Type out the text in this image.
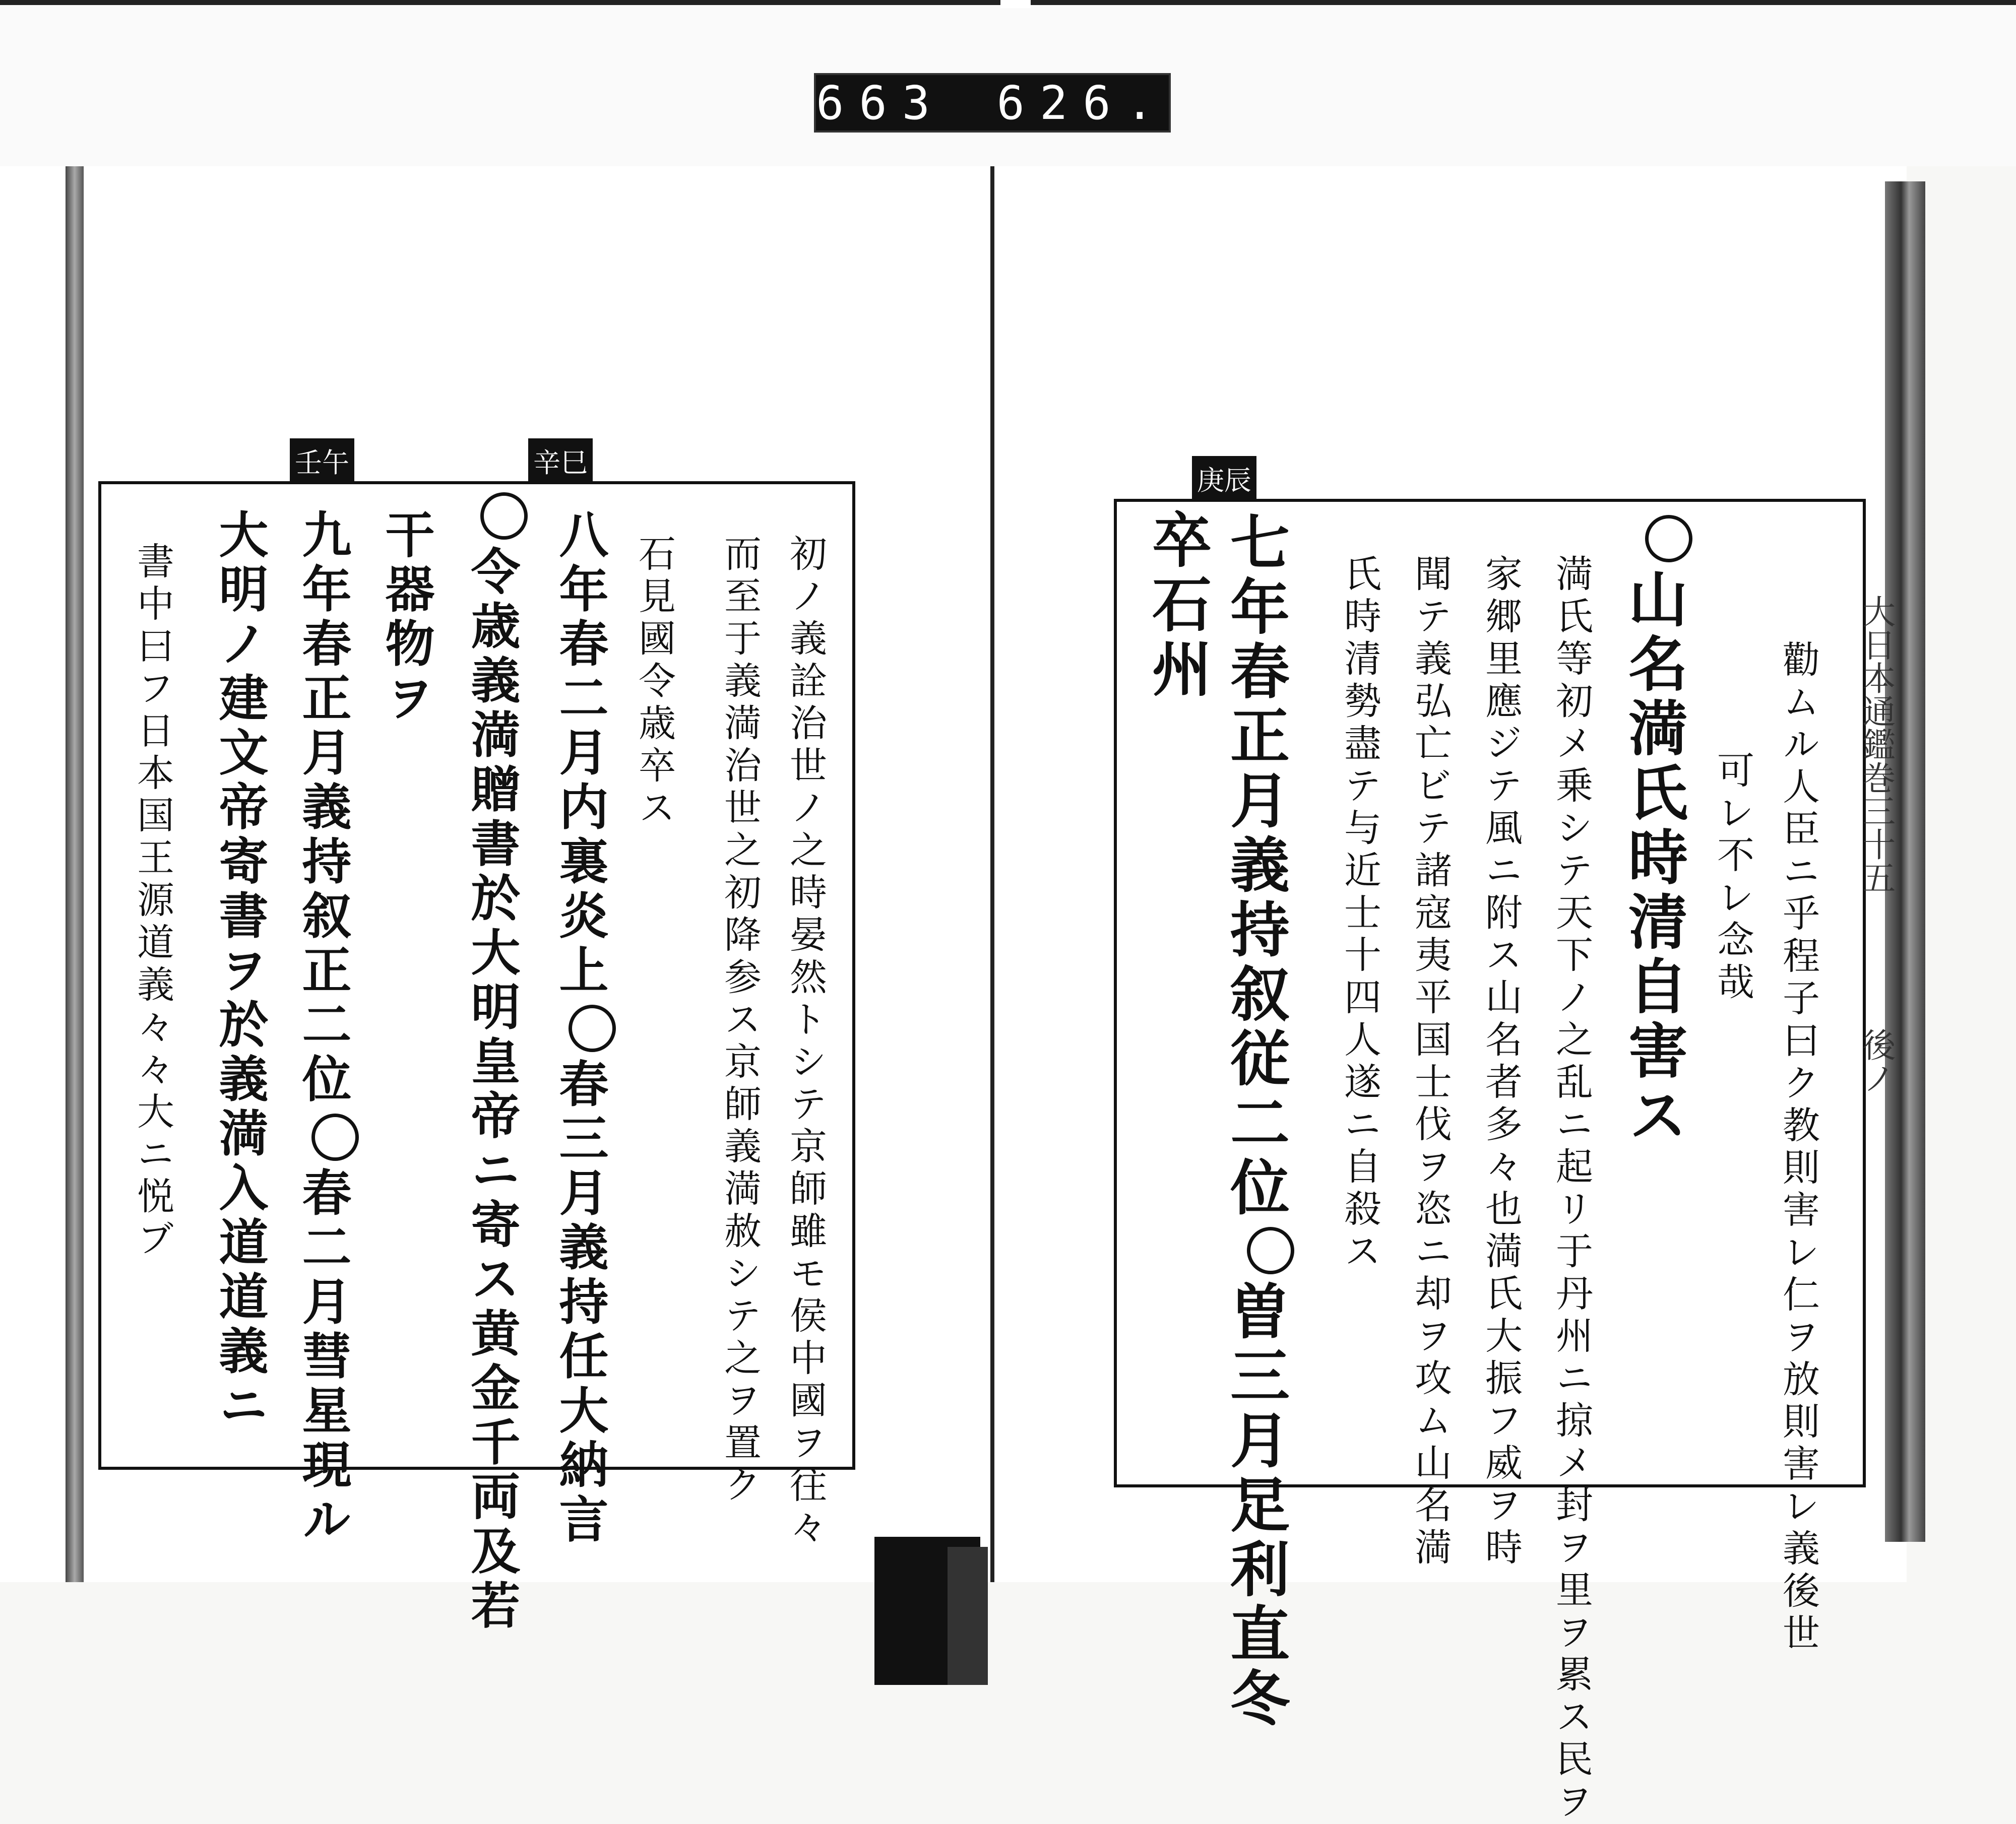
663 626.
大日本通鑑巻三十五
後ノ
庚辰
壬午	辛巳
勸ムル人臣ニ乎程子曰ク教則害レ仁ヲ放則害レ義後世
可レ不レ念哉
山名満氏時清自害ス
満氏等初メ乗シテ天下ノ之乱ニ起リ于丹州ニ掠メ封ヲ里ヲ累ス民ヲ
家郷里應ジテ風ニ附ス山名者多々也満氏大振フ威ヲ時
聞テ義弘亡ビテ諸寇夷平国士伐ヲ恣ニ却ヲ攻ム山名満
氏時清勢盡テ与近士十四人遂ニ自殺ス
七年春正月義持叙従二位曽三月足利直冬
卒石州
初ノ義詮治世ノ之時晏然トシテ京師雖モ侯中國ヲ往々
而至于義満治世之初降参ス京師義満赦シテ之ヲ置ク
石見國令歳卒ス
八年春二月内裏炎上春三月義持任大納言
令歳義満贈書於大明皇帝ニ寄ス黄金千両及若
干器物ヲ
九年春正月義持叙正二位春二月彗星現ル
大明ノ建文帝寄書ヲ於義満入道道義ニ
書中曰フ日本国王源道義々々大ニ悦ブ
